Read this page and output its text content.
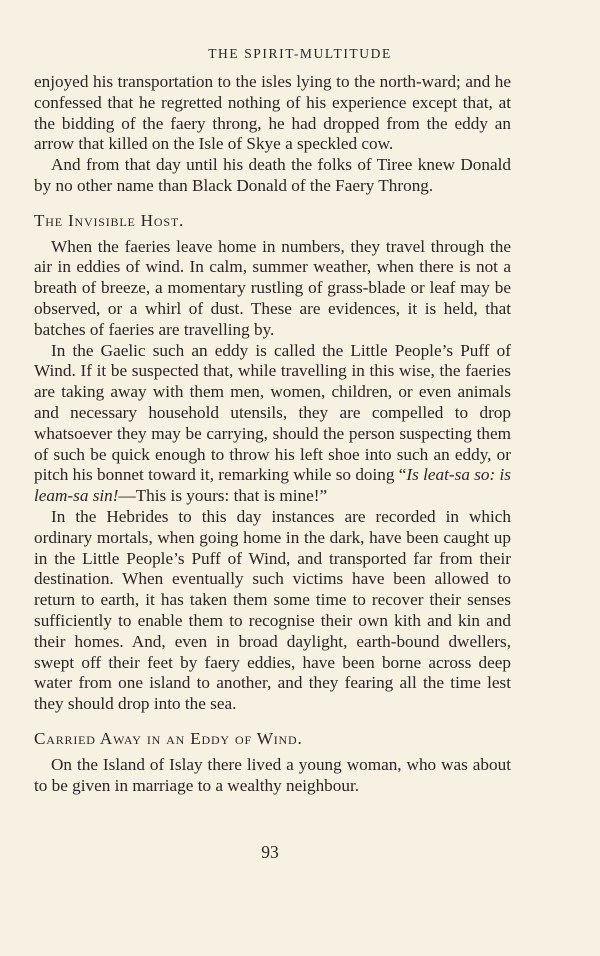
THE SPIRIT-MULTITUDE

enjoyed his transportation to the isles lying to the north-ward; and he confessed that he regretted nothing of his experience except that, at the bidding of the faery throng, he had dropped from the eddy an arrow that killed on the Isle of Skye a speckled cow.

And from that day until his death the folks of Tiree knew Donald by no other name than Black Donald of the Faery Throng.

The Invisible Host.

When the faeries leave home in numbers, they travel through the air in eddies of wind. In calm, summer weather, when there is not a breath of breeze, a momentary rustling of grass-blade or leaf may be observed, or a whirl of dust. These are evidences, it is held, that batches of faeries are travelling by.

In the Gaelic such an eddy is called the Little People’s Puff of Wind. If it be suspected that, while travelling in this wise, the faeries are taking away with them men, women, children, or even animals and necessary household utensils, they are compelled to drop whatsoever they may be carrying, should the person suspecting them of such be quick enough to throw his left shoe into such an eddy, or pitch his bonnet toward it, remarking while so doing “Is leat-sa so: is leam-sa sin!—This is yours: that is mine!”

In the Hebrides to this day instances are recorded in which ordinary mortals, when going home in the dark, have been caught up in the Little People’s Puff of Wind, and transported far from their destination. When eventually such victims have been allowed to return to earth, it has taken them some time to recover their senses sufficiently to enable them to recognise their own kith and kin and their homes. And, even in broad daylight, earth-bound dwellers, swept off their feet by faery eddies, have been borne across deep water from one island to another, and they fearing all the time lest they should drop into the sea.

Carried Away in an Eddy of Wind.

On the Island of Islay there lived a young woman, who was about to be given in marriage to a wealthy neighbour.

93
